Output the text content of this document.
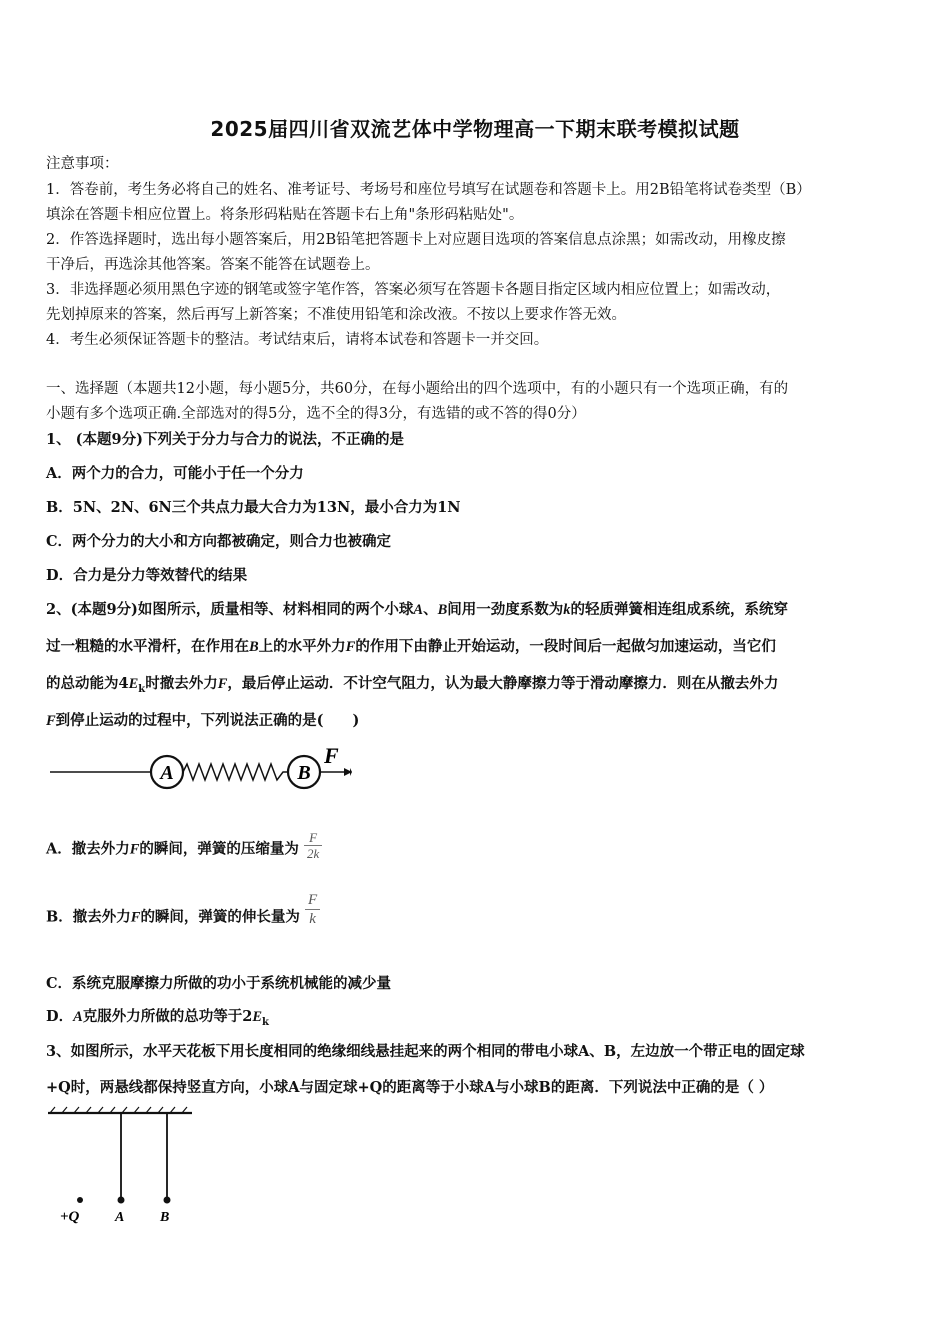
2025届四川省双流艺体中学物理高一下期末联考模拟试题
注意事项：
1．答卷前，考生务必将自己的姓名、准考证号、考场号和座位号填写在试题卷和答题卡上。用2B铅笔将试卷类型（B）
填涂在答题卡相应位置上。将条形码粘贴在答题卡右上角"条形码粘贴处"。
2．作答选择题时，选出每小题答案后，用2B铅笔把答题卡上对应题目选项的答案信息点涂黑；如需改动，用橡皮擦
干净后，再选涂其他答案。答案不能答在试题卷上。
3．非选择题必须用黑色字迹的钢笔或签字笔作答，答案必须写在答题卡各题目指定区域内相应位置上；如需改动，
先划掉原来的答案，然后再写上新答案；不准使用铅笔和涂改液。不按以上要求作答无效。
4．考生必须保证答题卡的整洁。考试结束后，请将本试卷和答题卡一并交回。
一、选择题（本题共12小题，每小题5分，共60分，在每小题给出的四个选项中，有的小题只有一个选项正确，有的
小题有多个选项正确.全部选对的得5分，选不全的得3分，有选错的或不答的得0分）
1、 (本题9分)下列关于分力与合力的说法，不正确的是
A．两个力的合力，可能小于任一个分力
B．5N、2N、6N三个共点力最大合力为13N，最小合力为1N
C．两个分力的大小和方向都被确定，则合力也被确定
D．合力是分力等效替代的结果
2、(本题9分)如图所示，质量相等、材料相同的两个小球A、B间用一劲度系数为k的轻质弹簧相连组成系统，系统穿
过一粗糙的水平滑杆，在作用在B上的水平外力F的作用下由静止开始运动，一段时间后一起做匀加速运动，当它们
的总动能为$4E_k$时撤去外力F，最后停止运动．不计空气阻力，认为最大静摩擦力等于滑动摩擦力．则在从撤去外力
F到停止运动的过程中，下列说法正确的是(　　)
A	B
F
A．撤去外力F的瞬间，弹簧的压缩量为 $\frac{F}{2k}$
B．撤去外力F的瞬间，弹簧的伸长量为 $\frac{F}{k}$
C．系统克服摩擦力所做的功小于系统机械能的减少量
D．A克服外力所做的总功等于$2E_k$
3、如图所示，水平天花板下用长度相同的绝缘细线悬挂起来的两个相同的带电小球A、B，左边放一个带正电的固定球
+Q时，两悬线都保持竖直方向，小球A与固定球+Q的距离等于小球A与小球B的距离．下列说法中正确的是（ ）
+Q	A	B
